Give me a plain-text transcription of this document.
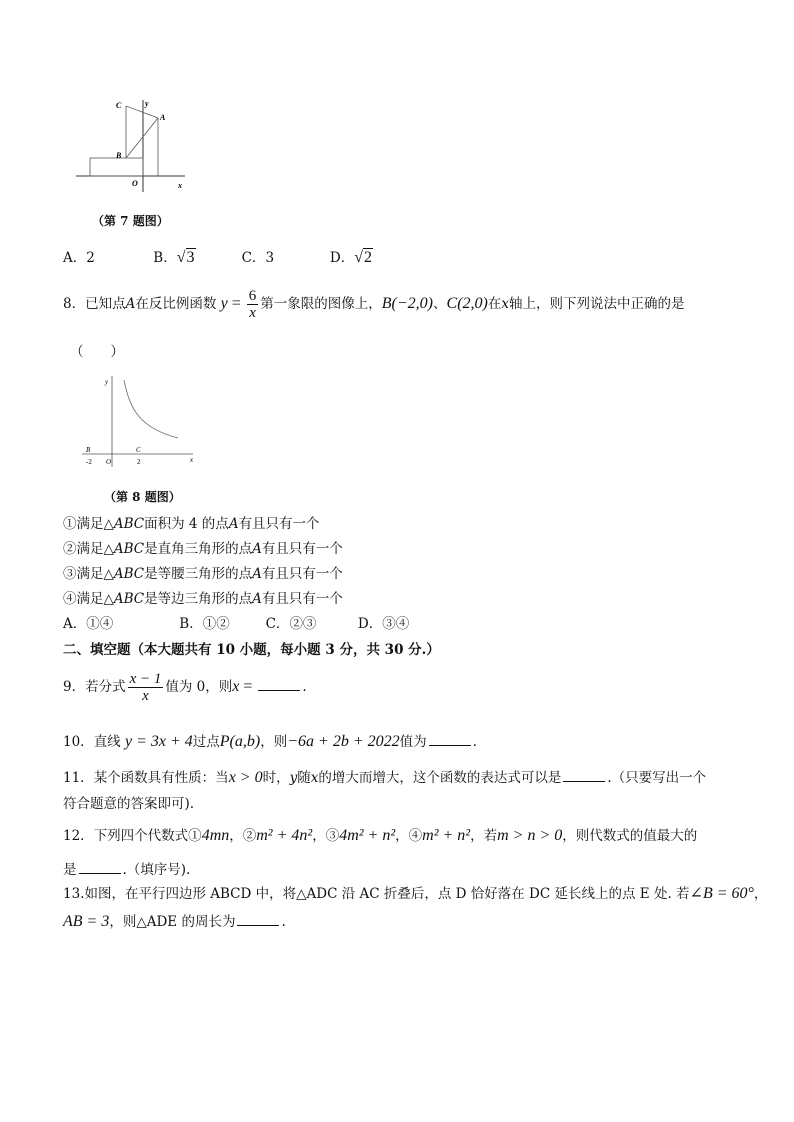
C	y
A
B
O	x
（第 7 题图）
A．2	B．√3	C．3	D．√2
8．已知点A在反比例函数 $y = \frac{6}{x}$ 第一象限的图像上，B(−2,0)、C(2,0)在x轴上，则下列说法中正确的是
（　　）
y
B	C
-2 O	2	x
（第 8 题图）
①满足△ABC面积为 4 的点A有且只有一个
②满足△ABC是直角三角形的点A有且只有一个
③满足△ABC是等腰三角形的点A有且只有一个
④满足△ABC是等边三角形的点A有且只有一个
A．①④	B．①②	C．②③	D．③④
二、填空题（本大题共有 10 小题，每小题 3 分，共 30 分.）
9．若分式 $\frac{x - 1}{x}$ 值为 0，则x =	.
10．直线 y = 3x + 4过点P(a,b)，则−6a + 2b + 2022值为	.
11．某个函数具有性质：当x > 0时，y随x的增大而增大，这个函数的表达式可以是	.（只要写出一个
符合题意的答案即可).
12．下列四个代数式①4mn，②m² + 4n²，③4m² + n²，④m² + n²，若m > n > 0，则代数式的值最大的
是	.（填序号).
13.如图，在平行四边形 ABCD 中，将△ADC 沿 AC 折叠后，点 D 恰好落在 DC 延长线上的点 E 处. 若∠B = 60°，
AB = 3，则△ADE 的周长为	.
